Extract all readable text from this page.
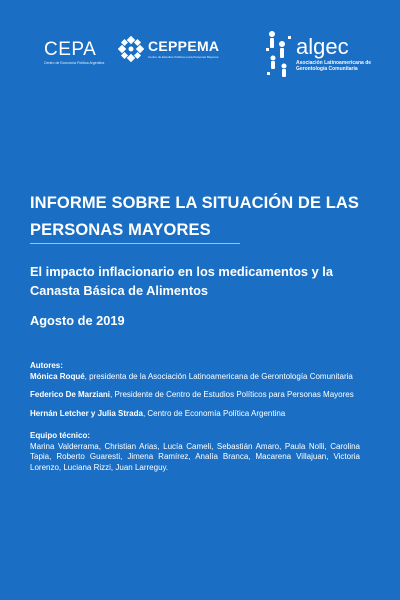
CEPA
Centro de Economía Política Argentina
CEPPEMA
Centro de Estudios Políticos para Personas Mayores	algec
Asociación Latinoamericana de Gerontología Comunitaria
INFORME SOBRE LA SITUACIÓN DE LAS PERSONAS MAYORES
El impacto inflacionario en los medicamentos y la Canasta Básica de Alimentos
Agosto de 2019
Autores:
Mónica Roqué, presidenta de la Asociación Latinoamericana de Gerontología Comunitaria
Federico De Marziani, Presidente de Centro de Estudios Políticos para Personas Mayores
Hernán Letcher y Julia Strada, Centro de Economía Política Argentina
Equipo técnico:
Marina Valderrama, Christian Arias, Lucía Cameli, Sebastián Amaro, Paula Nolli, Carolina Tapia, Roberto Guaresti, Jimena Ramírez, Analía Branca, Macarena Villajuan, Victoria Lorenzo, Luciana Rizzi, Juan Larreguy.
